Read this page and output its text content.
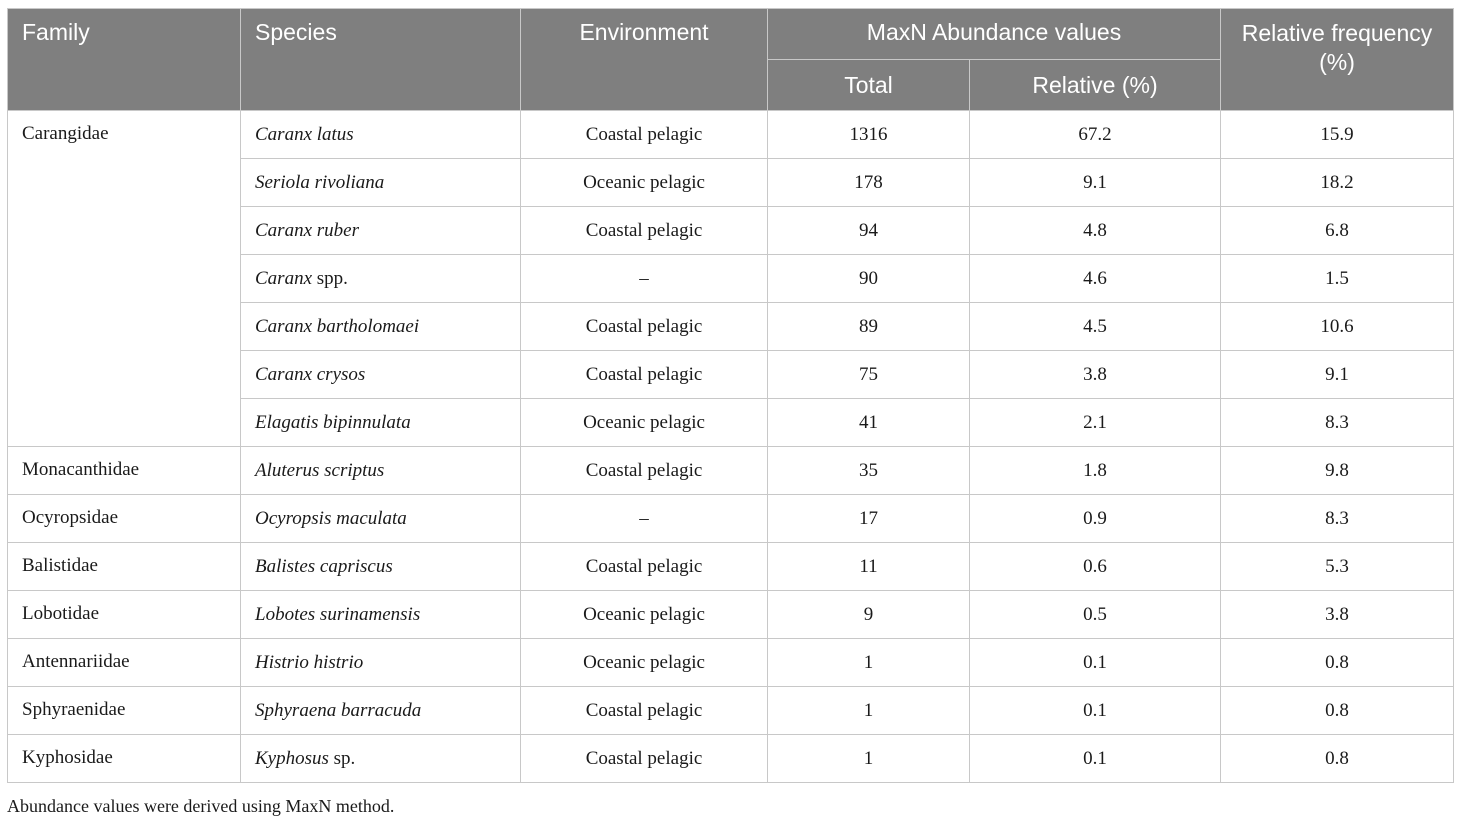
Family	Species	Environment	MaxN Abundance values		Relative frequency (%)
			Total	Relative (%)	
Carangidae	Caranx latus	Coastal pelagic	1316	67.2	15.9
	Seriola rivoliana	Oceanic pelagic	178	9.1	18.2
	Caranx ruber	Coastal pelagic	94	4.8	6.8
	Caranx spp.	–	90	4.6	1.5
	Caranx bartholomaei	Coastal pelagic	89	4.5	10.6
	Caranx crysos	Coastal pelagic	75	3.8	9.1
	Elagatis bipinnulata	Oceanic pelagic	41	2.1	8.3
Monacanthidae	Aluterus scriptus	Coastal pelagic	35	1.8	9.8
Ocyropsidae	Ocyropsis maculata	–	17	0.9	8.3
Balistidae	Balistes capriscus	Coastal pelagic	11	0.6	5.3
Lobotidae	Lobotes surinamensis	Oceanic pelagic	9	0.5	3.8
Antennariidae	Histrio histrio	Oceanic pelagic	1	0.1	0.8
Sphyraenidae	Sphyraena barracuda	Coastal pelagic	1	0.1	0.8
Kyphosidae	Kyphosus sp.	Coastal pelagic	1	0.1	0.8
Abundance values were derived using MaxN method.
